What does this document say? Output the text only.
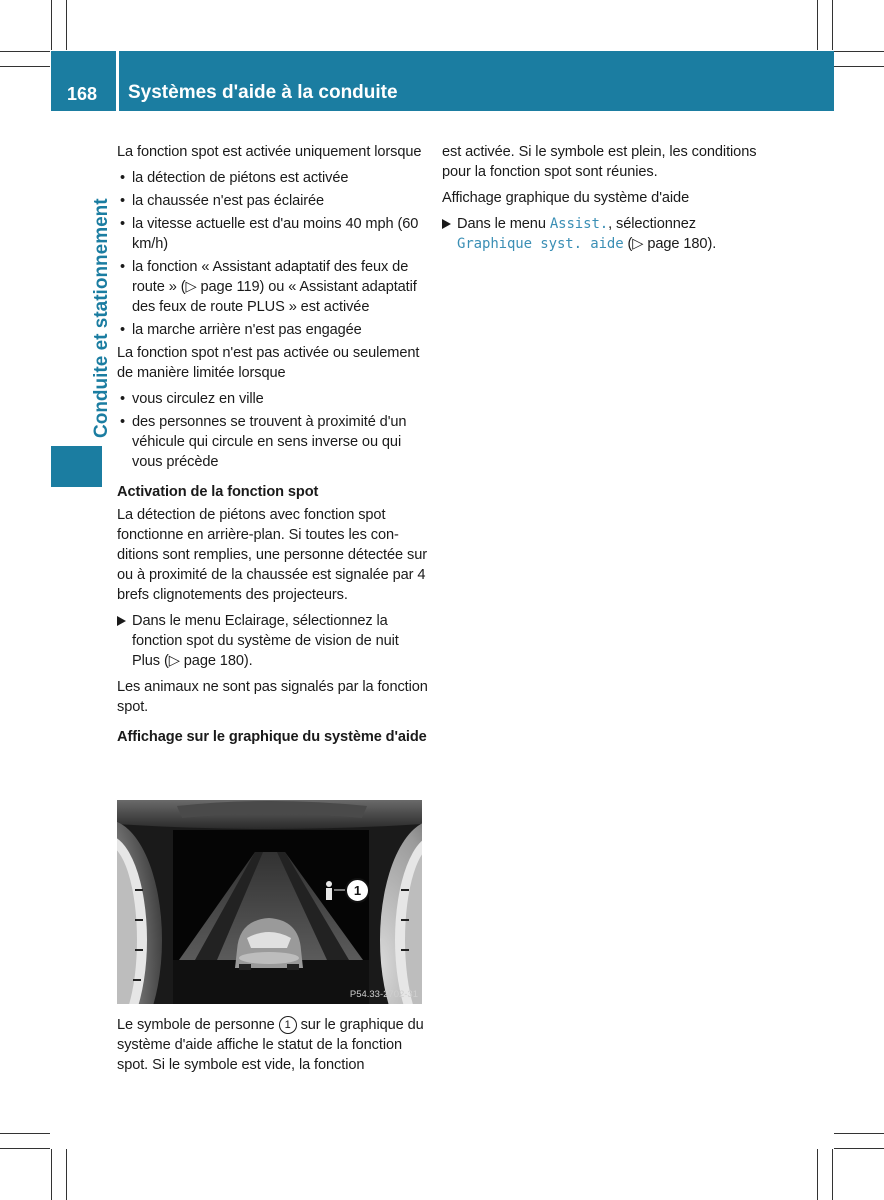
168	Systèmes d'aide à la conduite
Conduite et stationnement

La fonction spot est activée uniquement lorsque

• la détection de piétons est activée
• la chaussée n'est pas éclairée
• la vitesse actuelle est d'au moins 40 mph (60 km/h)
• la fonction « Assistant adaptatif des feux de route » (▷ page 119) ou « Assistant adaptatif des feux de route PLUS » est activée
• la marche arrière n'est pas engagée

La fonction spot n'est pas activée ou seulement de manière limitée lorsque

• vous circulez en ville
• des personnes se trouvent à proximité d'un véhicule qui circule en sens inverse ou qui vous précède
Activation de la fonction spot

La détection de piétons avec fonction spot fonctionne en arrière-plan. Si toutes les conditions sont remplies, une personne détectée sur ou à proximité de la chaussée est signalée par 4 brefs clignotements des projecteurs.

Dans le menu Eclairage, sélectionnez la fonction spot du système de vision de nuit Plus (▷ page 180).

Les animaux ne sont pas signalés par la fonction spot.

Affichage sur le graphique du système d'aide
1
P54.33-2702-31

Le symbole de personne 1 sur le graphique du système d'aide affiche le statut de la fonction spot. Si le symbole est vide, la fonction

est activée. Si le symbole est plein, les conditions pour la fonction spot sont réunies.

Affichage graphique du système d'aide

Dans le menu Assist., sélectionnez Graphique syst. aide (▷ page 180).
